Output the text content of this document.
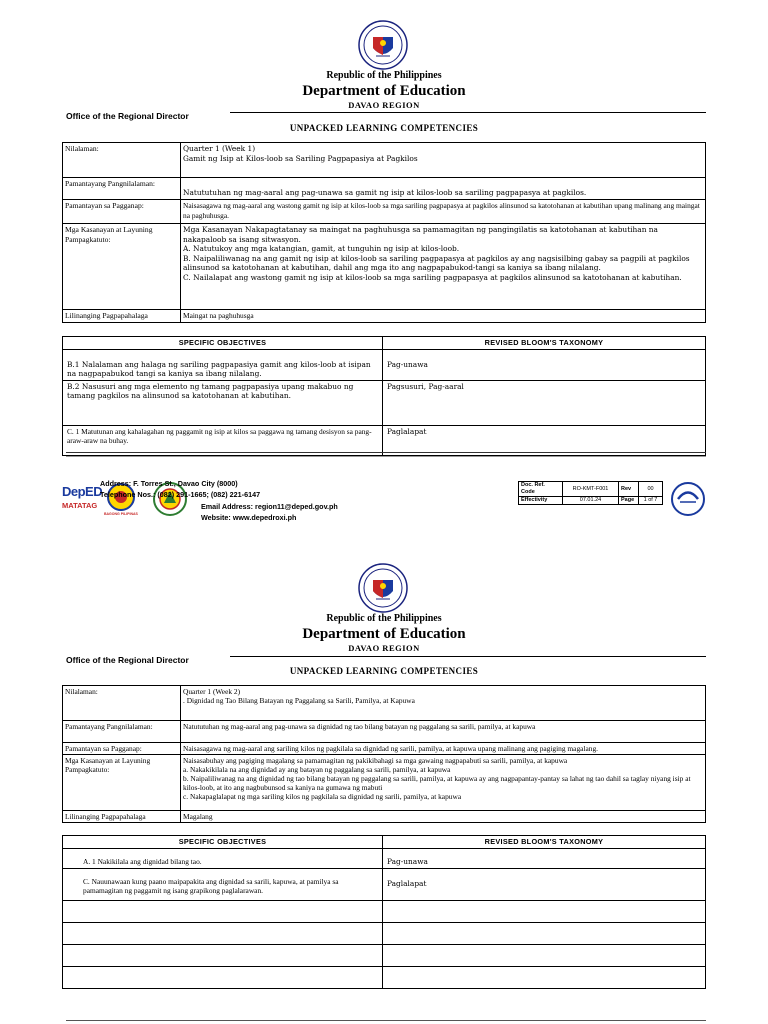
Republic of the Philippines
Department of Education
DAVAO REGION
Office of the Regional Director
UNPACKED LEARNING COMPETENCIES
Nilalaman:	Quarter 1 (Week 1)
Gamit ng Isip at Kilos-loob sa Sariling Pagpapasiya at Pagkilos

Pamantayang Pangnilalaman:	Natututuhan ng mag-aaral ang pag-unawa sa gamit ng isip at kilos-loob sa sariling pagpapasya at pagkilos.
Pamantayan sa Pagganap:	Naisasagawa ng mag-aaral ang wastong gamit ng isip at kilos-loob sa mga sariling pagpapasya at pagkilos alinsunod sa katotohanan at kabutihan upang malinang ang maingat na paghuhusga.
Mga Kasanayan at Layuning Pampagkatuto:	Mga Kasanayan Nakapagtatanay sa maingat na paghuhusga sa pamamagitan ng pangingilatis sa katotohanan at kabutihan na nakapaloob sa isang sitwasyon.
A. Natutukoy ang mga katangian, gamit, at tunguhin ng isip at kilos-loob.
B. Naipaliliwanag na ang gamit ng isip at kilos-loob sa sariling pagpapasya at pagkilos ay ang nagsisilbing gabay sa pagpili at pagkilos alinsunod sa katotohanan at kabutihan, dahil ang mga ito ang nagpapabukod-tangi sa kaniya sa ibang nilalang.
C. Nailalapat ang wastong gamit ng isip at kilos-loob sa mga sariling pagpapasya at pagkilos alinsunod sa katotohanan at kabutihan.

Lilinanging Pagpapahalaga	Maingat na paghuhusga
SPECIFIC OBJECTIVES	REVISED BLOOM'S TAXONOMY
B.1 Nalalaman ang halaga ng sariling pagpapasiya gamit ang kilos-loob at isipan na nagpapabukod tangi sa kaniya sa ibang nilalang.	Pag-unawa
B.2 Nasusuri ang mga elemento ng tamang pagpapasiya upang makabuo ng tamang pagkilos na alinsunod sa katotohanan at kabutihan.	Pagsusuri, Pag-aaral
C. 1 Matutunan ang kahalagahan ng paggamit ng isip at kilos sa paggawa ng tamang desisyon sa pang-araw-araw na buhay.	Paglalapat
DepED
MATATAG
BAGONG PILIPINAS
Address: F. Torres St., Davao City (8000)
Telephone Nos.: (082) 291-1665; (082) 221-6147
Email Address: region11@deped.gov.ph
Website: www.depedroxi.ph
Doc. Ref. Code	RO-KMT-F001	Rev	00
Effectivity	07.01.24	Page	1 of 7
Republic of the Philippines
Department of Education
DAVAO REGION
Office of the Regional Director
UNPACKED LEARNING COMPETENCIES
Nilalaman:	Quarter 1 (Week 2)
. Dignidad ng Tao Bilang Batayan ng Paggalang sa Sarili, Pamilya, at Kapuwa

Pamantayang Pangnilalaman:	Natututuhan ng mag-aaral ang pag-unawa sa dignidad ng tao bilang batayan ng paggalang sa sarili, pamilya, at kapuwa
Pamantayan sa Pagganap:	Naisasagawa ng mag-aaral ang sariling kilos ng pagkilala sa dignidad ng sarili, pamilya, at kapuwa upang malinang ang pagiging magalang.
Mga Kasanayan at Layuning Pampagkatuto:	Naisasabuhay ang pagiging magalang sa pamamagitan ng pakikibahagi sa mga gawaing nagpapabuti sa sarili, pamilya, at kapuwa
a. Nakakikilala na ang dignidad ay ang batayan ng paggalang sa sarili, pamilya, at kapuwa
b. Naipaliliwanag na ang dignidad ng tao bilang batayan ng paggalang sa sarili, pamilya, at kapuwa ay ang nagpapantay-pantay sa lahat ng tao dahil sa taglay niyang isip at kilos-loob, at ito ang nagbubunsod sa kaniya na gumawa ng mabuti
c. Nakapaglalapat ng mga sariling kilos ng pagkilala sa dignidad ng sarili, pamilya, at kapuwa

Lilinanging Pagpapahalaga	Magalang
SPECIFIC OBJECTIVES	REVISED BLOOM'S TAXONOMY
A. 1 Nakikilala ang dignidad bilang tao.	Pag-unawa
C. Nauunawaan kung paano maipapakita ang dignidad sa sarili, kapuwa, at pamilya sa pamamagitan ng paggamit ng isang grapikong paglalarawan.	Paglalapat
